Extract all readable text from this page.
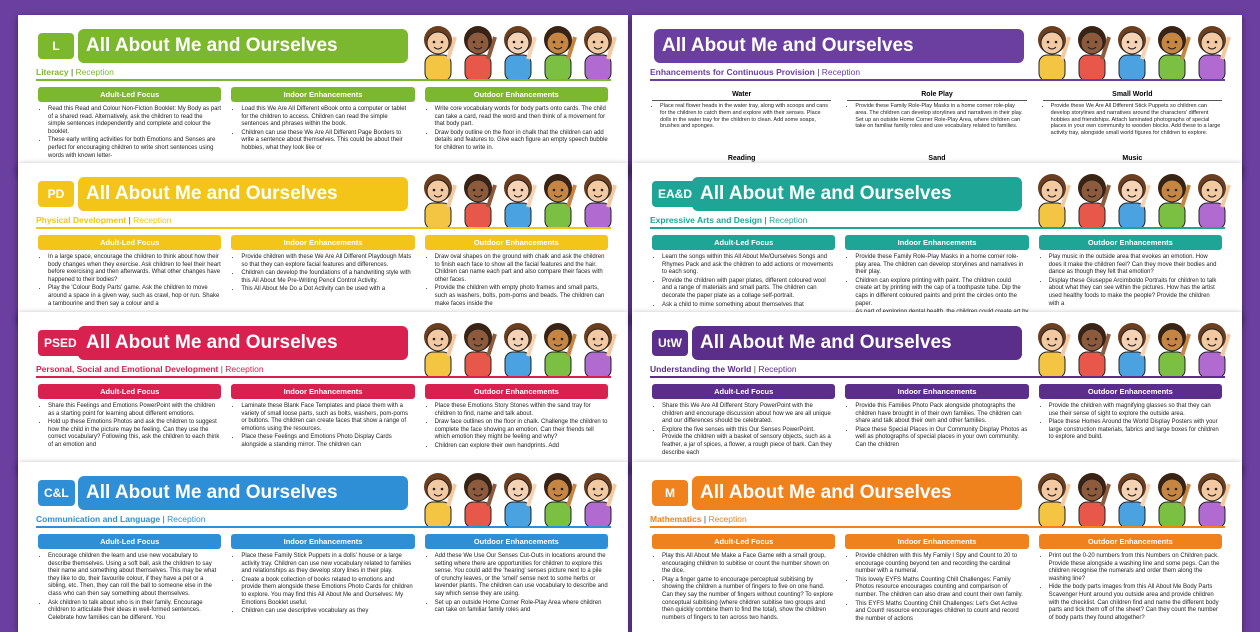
L	All About Me and Ourselves
Literacy | Reception
Adult-Led Focus
• Read this Read and Colour Non-Fiction Booklet: My Body as part of a shared read. Alternatively, ask the children to read the simple sentences independently and complete and colour the booklet.
• These early writing activities for both Emotions and Senses are perfect for encouraging children to write short sentences using words with known letter-
Indoor Enhancements
• Load this We Are All Different eBook onto a computer or tablet for the children to access. Children can read the simple sentences and phrases within the book.
• Children can use these We Are All Different Page Borders to write a sentence about themselves. This could be about their hobbies, what they look like or
Outdoor Enhancements
• Write core vocabulary words for body parts onto cards. The child can take a card, read the word and then think of a movement for that body part.
• Draw body outline on the floor in chalk that the children can add details and features to. Give each figure an empty speech bubble for children to write in.
PD	All About Me and Ourselves
Physical Development | Reception
Adult-Led Focus
• In a large space, encourage the children to think about how their body changes when they exercise. Ask children to feel their heart before exercising and then afterwards. What other changes have happened to their bodies?
• Play the 'Colour Body Parts' game. Ask the children to move around a space in a given way, such as crawl, hop or run. Shake a tambourine and then say a colour and a
Indoor Enhancements
• Provide children with these We Are All Different Playdough Mats so that they can explore facial features and differences.
• Children can develop the foundations of a handwriting style with this All About Me Pre-Writing Pencil Control Activity.
• This All About Me Do a Dot Activity can be used with a
Outdoor Enhancements
• Draw oval shapes on the ground with chalk and ask the children to finish each face to show all the facial features and the hair. Children can name each part and also compare their faces with other faces.
• Provide the children with empty photo frames and small parts, such as washers, bolts, pom-poms and beads. The children can make faces inside the
PSED All About Me and Ourselves
Personal, Social and Emotional Development | Reception
Adult-Led Focus
• Share this Feelings and Emotions PowerPoint with the children as a starting point for learning about different emotions.
• Hold up these Emotions Photos and ask the children to suggest how the child in the picture may be feeling. Can they use the correct vocabulary? Following this, ask the children to each think of an emotion and
Indoor Enhancements
• Laminate these Blank Face Templates and place them with a variety of small loose parts, such as bolts, washers, pom-poms or buttons. The children can create faces that show a range of emotions using the resources.
• Place these Feelings and Emotions Photo Display Cards alongside a standing mirror. The children can
Outdoor Enhancements
• Place these Emotions Story Stones within the sand tray for children to find, name and talk about.
• Draw face outlines on the floor in chalk. Challenge the children to complete the face showing an emotion. Can their friends tell which emotion they might be feeling and why?
• Children can explore their own handprints. Add
C&L All About Me and Ourselves
Communication and Language | Reception
Adult-Led Focus
• Encourage children the learn and use new vocabulary to describe themselves. Using a soft ball, ask the children to say their name and something about themselves. This may be what they like to do, their favourite colour, if they have a pet or a sibling, etc. Then, they can roll the ball to someone else in the class who can then say something about themselves.
• Ask children to talk about who is in their family. Encourage children to articulate their ideas in well-formed sentences. Celebrate how families can be different. You
Indoor Enhancements
• Place these Family Stick Puppets in a dolls' house or a large activity tray. Children can use new vocabulary related to families and relationships as they develop story lines in their play.
• Create a book collection of books related to emotions and provide them alongside these Emotions Photo Cards for children to explore. You may find this All About Me and Ourselves: My Emotions Booklet useful.
• Children can use descriptive vocabulary as they
Outdoor Enhancements
• Add these We Use Our Senses Cut-Outs in locations around the setting where there are opportunities for children to explore this sense. You could add the 'hearing' senses picture next to a pile of crunchy leaves, or the 'smell' sense next to some herbs or lavender plants. The children can use vocabulary to describe and say which sense they are using.
• Set up an outside Home Corner Role-Play Area where children can take on familiar family roles and
All About Me and Ourselves
Enhancements for Continuous Provision | Reception
Water
• Place real flower heads in the water tray, along with scoops and cans for the children to catch them and explore with their senses. Place dolls in the water tray for the children to clean. Add some soaps, brushes and sponges.
Role Play
• Provide these Family Role-Play Masks in a home corner role-play area. The children can develop storylines and narratives in their play. Set up an outside Home Corner Role-Play Area, where children can take on familiar family roles and use vocabulary related to families.
Small World
• Provide these We Are All Different Stick Puppets so children can develop storylines and narratives around the characters' different hobbies and friendships. Attach laminated photographs of special places in your own community to wooden blocks. Add these to a large activity tray, alongside small world figures for children to explore.
Reading
•	Sand
•	Music
•
EA&D All About Me and Ourselves
Expressive Arts and Design | Reception
Adult-Led Focus
• Learn the songs within this All About Me/Ourselves Songs and Rhymes Pack and ask the children to add actions or movements to each song.
• Provide the children with paper plates, different coloured wool and a range of materials and small parts. The children can decorate the paper plate as a collage self-portrait.
• Ask a child to mime something about themselves that
Indoor Enhancements
• Provide these Family Role-Play Masks in a home corner role-play area. The children can develop storylines and narratives in their play.
• Children can explore printing with paint. The children could create art by printing with the cap of a toothpaste tube. Dip the caps in different coloured paints and print the circles onto the paper.
•
Outdoor Enhancements
• Play music in the outside area that evokes an emotion. How does it make the children feel? Can they move their bodies and dance as though they felt that emotion?
• Display these Giuseppe Arcimboldo Portraits for children to talk about what they can see within the pictures. How has the artist used healthy foods to make the people? Provide the children with a
UtW All About Me and Ourselves
Understanding the World | Reception
Adult-Led Focus
• Share this We Are All Different Story PowerPoint with the children and encourage discussion about how we are all unique and our differences should be celebrated.
• Explore the five senses with this Our Senses PowerPoint. Provide the children with a basket of sensory objects, such as a feather, a jar of spices, a flower, a rough piece of bark. Can they describe each
Indoor Enhancements
• Provide this Families Photo Pack alongside photographs the children have brought in of their own families. The children can share and talk about their own and other families.
• Place these Special Places in Our Community Display Photos as well as photographs of special places in your own community. Can the children
Outdoor Enhancements
• Provide the children with magnifying glasses so that they can use their sense of sight to explore the outside area.
• Place these Homes Around the World Display Posters with your large construction materials, fabrics and large boxes for children to explore and build.
M	All About Me and Ourselves
Mathematics | Reception
Adult-Led Focus
• Play this All About Me Make a Face Game with a small group, encouraging children to subitise or count the number shown on the dice.
• Play a finger game to encourage perceptual subitising by showing the children a number of fingers to five on one hand. Can they say the number of fingers without counting? To explore conceptual subitising (where children subitise two groups and then quickly combine them to find the total), show the children numbers of fingers to ten across two hands.
Indoor Enhancements
• Provide children with this My Family I Spy and Count to 20 to encourage counting beyond ten and recording the cardinal number with a numeral.
• This lovely EYFS Maths Counting Chill Challenges: Family Photos resource encourages counting and comparison of number. The children can also draw and count their own family.
• This EYFS Maths Counting Chill Challenges: Let's Get Active and Count! resource encourages children to count and record the number of actions
Outdoor Enhancements
• Print out the 0-20 numbers from this Numbers on Children pack. Provide these alongside a washing line and some pegs. Can the children recognise the numerals and order them along the washing line?
• Hide the body parts images from this All About Me Body Parts Scavenger Hunt around you outside area and provide children with the checklist. Can children find and name the different body parts and tick them off of the sheet? Can they count the number of body parts they found altogether?
